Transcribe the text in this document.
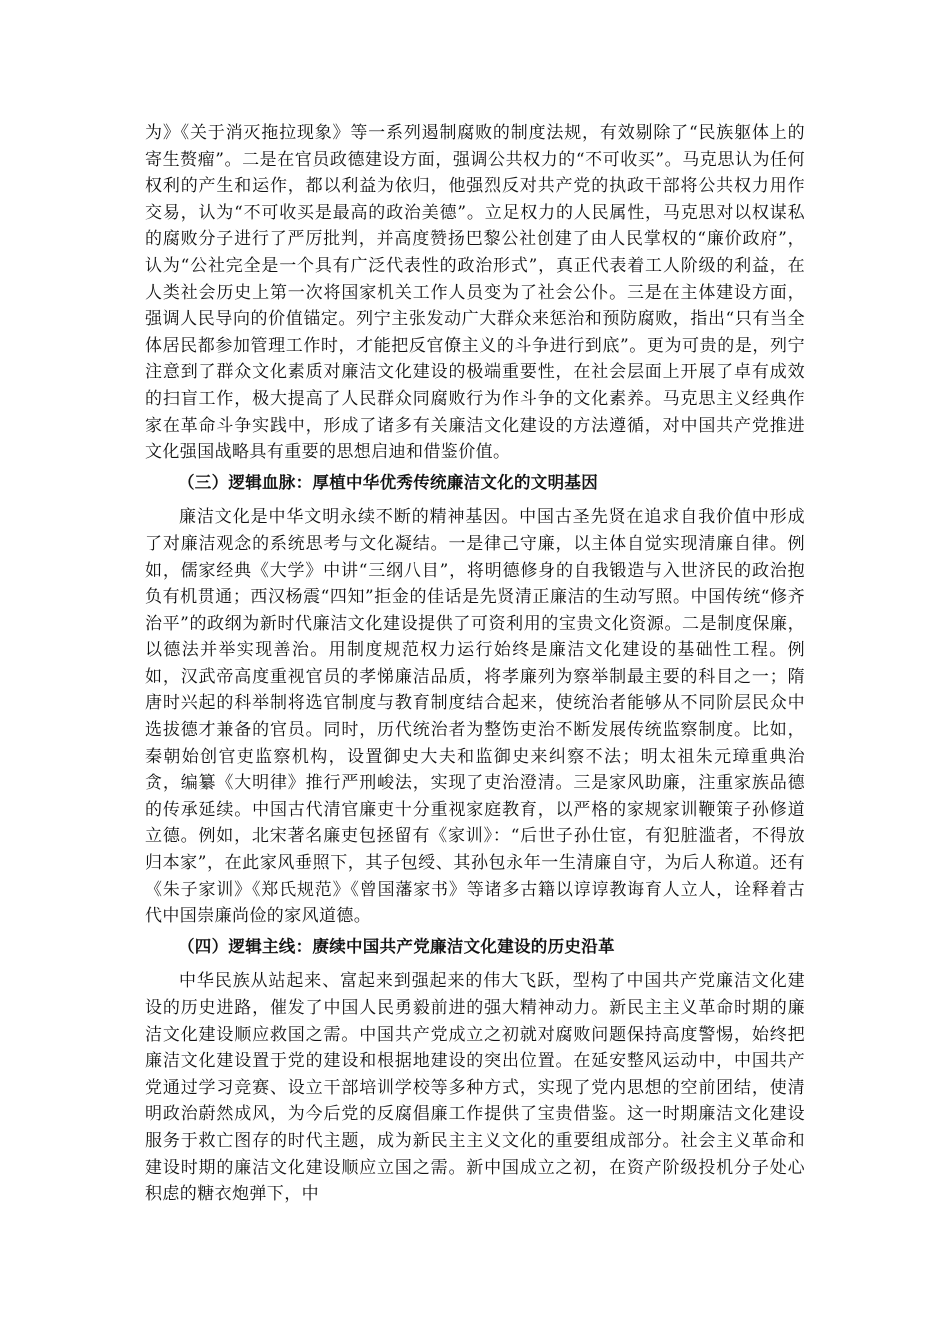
为》《关于消灭拖拉现象》等一系列遏制腐败的制度法规，有效剔除了“民族躯体上的寄生赘瘤”。二是在官员政德建设方面，强调公共权力的“不可收买”。马克思认为任何权利的产生和运作，都以利益为依归，他强烈反对共产党的执政干部将公共权力用作交易，认为“不可收买是最高的政治美德”。立足权力的人民属性，马克思对以权谋私的腐败分子进行了严厉批判，并高度赞扬巴黎公社创建了由人民掌权的“廉价政府”，认为“公社完全是一个具有广泛代表性的政治形式”，真正代表着工人阶级的利益，在人类社会历史上第一次将国家机关工作人员变为了社会公仆。三是在主体建设方面，强调人民导向的价值锚定。列宁主张发动广大群众来惩治和预防腐败，指出“只有当全体居民都参加管理工作时，才能把反官僚主义的斗争进行到底”。更为可贵的是，列宁注意到了群众文化素质对廉洁文化建设的极端重要性，在社会层面上开展了卓有成效的扫盲工作，极大提高了人民群众同腐败行为作斗争的文化素养。马克思主义经典作家在革命斗争实践中，形成了诸多有关廉洁文化建设的方法遵循，对中国共产党推进文化强国战略具有重要的思想启迪和借鉴价值。

（三）逻辑血脉：厚植中华优秀传统廉洁文化的文明基因

廉洁文化是中华文明永续不断的精神基因。中国古圣先贤在追求自我价值中形成了对廉洁观念的系统思考与文化凝结。一是律己守廉，以主体自觉实现清廉自律。例如，儒家经典《大学》中讲“三纲八目”，将明德修身的自我锻造与入世济民的政治抱负有机贯通；西汉杨震“四知”拒金的佳话是先贤清正廉洁的生动写照。中国传统“修齐治平”的政纲为新时代廉洁文化建设提供了可资利用的宝贵文化资源。二是制度保廉，以德法并举实现善治。用制度规范权力运行始终是廉洁文化建设的基础性工程。例如，汉武帝高度重视官员的孝悌廉洁品质，将孝廉列为察举制最主要的科目之一；隋唐时兴起的科举制将选官制度与教育制度结合起来，使统治者能够从不同阶层民众中选拔德才兼备的官员。同时，历代统治者为整饬吏治不断发展传统监察制度。比如，秦朝始创官吏监察机构，设置御史大夫和监御史来纠察不法；明太祖朱元璋重典治贪，编纂《大明律》推行严刑峻法，实现了吏治澄清。三是家风助廉，注重家族品德的传承延续。中国古代清官廉吏十分重视家庭教育，以严格的家规家训鞭策子孙修道立德。例如，北宋著名廉吏包拯留有《家训》：“后世子孙仕宦，有犯脏滥者，不得放归本家”，在此家风垂照下，其子包绶、其孙包永年一生清廉自守，为后人称道。还有《朱子家训》《郑氏规范》《曾国藩家书》等诸多古籍以谆谆教诲育人立人，诠释着古代中国崇廉尚俭的家风道德。

（四）逻辑主线：赓续中国共产党廉洁文化建设的历史沿革

中华民族从站起来、富起来到强起来的伟大飞跃，型构了中国共产党廉洁文化建设的历史进路，催发了中国人民勇毅前进的强大精神动力。新民主主义革命时期的廉洁文化建设顺应救国之需。中国共产党成立之初就对腐败问题保持高度警惕，始终把廉洁文化建设置于党的建设和根据地建设的突出位置。在延安整风运动中，中国共产党通过学习竞赛、设立干部培训学校等多种方式，实现了党内思想的空前团结，使清明政治蔚然成风，为今后党的反腐倡廉工作提供了宝贵借鉴。这一时期廉洁文化建设服务于救亡图存的时代主题，成为新民主主义文化的重要组成部分。社会主义革命和建设时期的廉洁文化建设顺应立国之需。新中国成立之初，在资产阶级投机分子处心积虑的糖衣炮弹下，中
